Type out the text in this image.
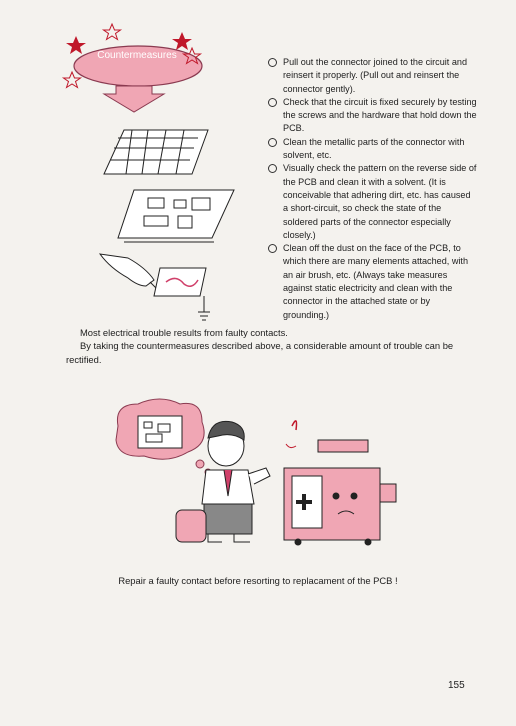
Countermeasures

Pull out the connector joined to the circuit and reinsert it properly. (Pull out and reinsert the connector gently).

Check that the circuit is fixed securely by testing the screws and the hardware that hold down the PCB.

Clean the metallic parts of the connector with solvent, etc.

Visually check the pattern on the reverse side of the PCB and clean it with a solvent. (It is conceivable that adhering dirt, etc. has caused a short-circuit, so check the state of the soldered parts of the connector especially closely.)

Clean off the dust on the face of the PCB, to which there are many elements attached, with an air brush, etc. (Always take measures against static electricity and clean with the connector in the attached state or by grounding.)

Most electrical trouble results from faulty contacts.

By taking the countermeasures described above, a considerable amount of trouble can be rectified.

Repair a faulty contact before resorting to replacament of the PCB !
155
